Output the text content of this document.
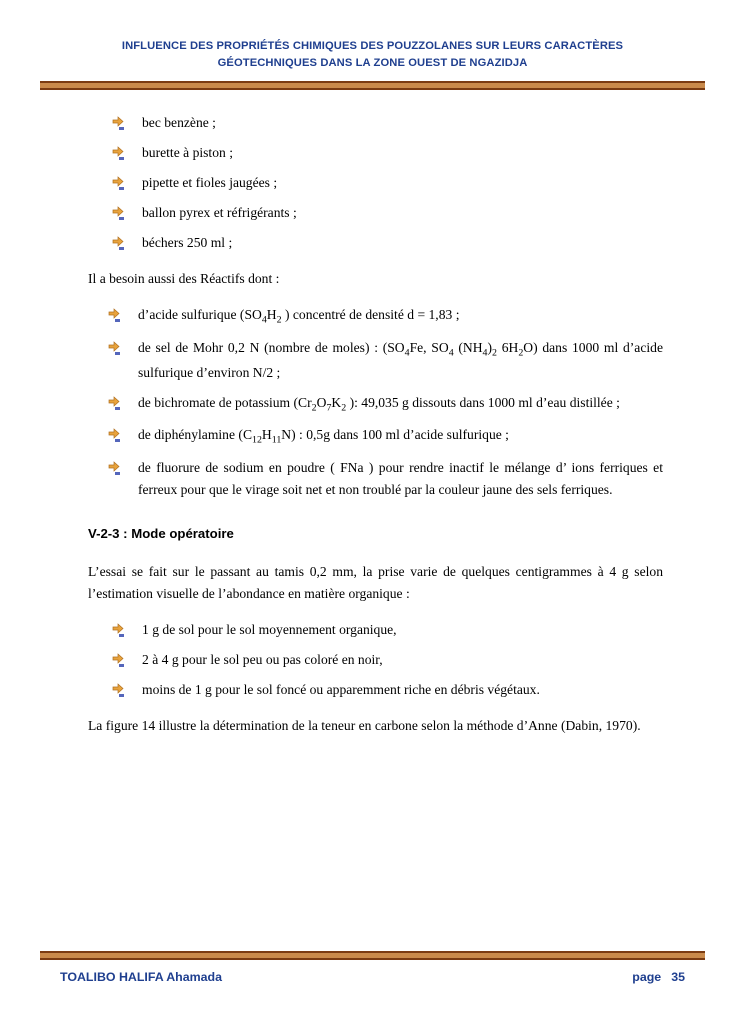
INFLUENCE DES PROPRIÉTÉS CHIMIQUES DES POUZZOLANES SUR LEURS CARACTÈRES
GÉOTECHNIQUES DANS LA ZONE OUEST DE NGAZIDJA
bec benzène ;
burette à piston ;
pipette et fioles jaugées ;
ballon pyrex et réfrigérants ;
béchers 250 ml ;

Il a besoin aussi des Réactifs dont :

d’acide sulfurique ($SO_4H_2$ ) concentré de densité d = 1,83 ;
de sel de Mohr 0,2 N (nombre de moles) : ($SO_4Fe$, $SO_4$ $(NH_4)_2$ $6H_2O$) dans 1000 ml d’acide sulfurique d’environ N/2 ;
de bichromate de potassium ($Cr_2O_7K_2$ ): 49,035 g dissouts dans 1000 ml d’eau distillée ;
de diphénylamine $(C_{12}H_{11}N)$ : 0,5g dans 100 ml d’acide sulfurique ;
de fluorure de sodium en poudre ( FNa ) pour rendre inactif le mélange d’ ions ferriques et ferreux pour que le virage soit net et non troublé par la couleur jaune des sels ferriques.
V-2-3 : Mode opératoire

L’essai se fait sur le passant au tamis 0,2 mm, la prise varie de quelques centigrammes à 4 g selon l’estimation visuelle de l’abondance en matière organique :

1 g de sol pour le sol moyennement organique,
2 à 4 g pour le sol peu ou pas coloré en noir,
moins de 1 g pour le sol foncé ou apparemment riche en débris végétaux.

La figure 14 illustre la détermination de la teneur en carbone selon la méthode d’Anne (Dabin, 1970).

TOALIBO HALIFA Ahamada	page 35
